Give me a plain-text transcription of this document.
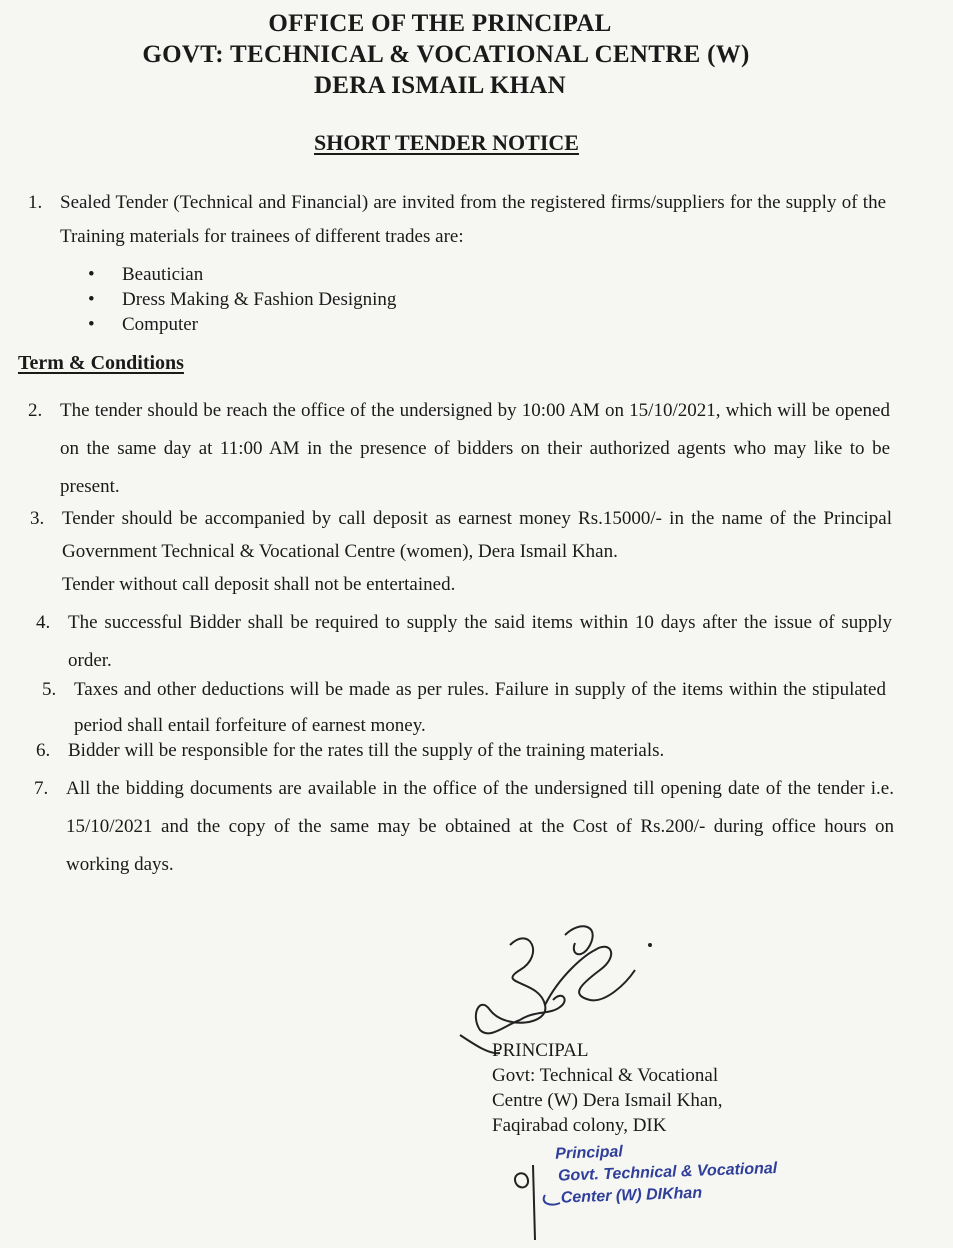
OFFICE OF THE PRINCIPAL
GOVT: TECHNICAL & VOCATIONAL CENTRE (W)
DERA ISMAIL KHAN
SHORT TENDER NOTICE
1. Sealed Tender (Technical and Financial) are invited from the registered firms/suppliers for the supply of the Training materials for trainees of different trades are:
• Beautician
• Dress Making & Fashion Designing
• Computer
Term & Conditions
2. The tender should be reach the office of the undersigned by 10:00 AM on 15/10/2021, which will be opened on the same day at 11:00 AM in the presence of bidders on their authorized agents who may like to be present.
3. Tender should be accompanied by call deposit as earnest money Rs.15000/- in the name of the Principal Government Technical & Vocational Centre (women), Dera Ismail Khan.
Tender without call deposit shall not be entertained.
4. The successful Bidder shall be required to supply the said items within 10 days after the issue of supply order.
5. Taxes and other deductions will be made as per rules. Failure in supply of the items within the stipulated period shall entail forfeiture of earnest money.
6. Bidder will be responsible for the rates till the supply of the training materials.
7. All the bidding documents are available in the office of the undersigned till opening date of the tender i.e. 15/10/2021 and the copy of the same may be obtained at the Cost of Rs.200/- during office hours on working days.
PRINCIPAL
Govt: Technical & Vocational
Centre (W) Dera Ismail Khan,
Faqirabad colony, DIK
Principal
Govt. Technical & Vocational
Center (W) DIKhan
